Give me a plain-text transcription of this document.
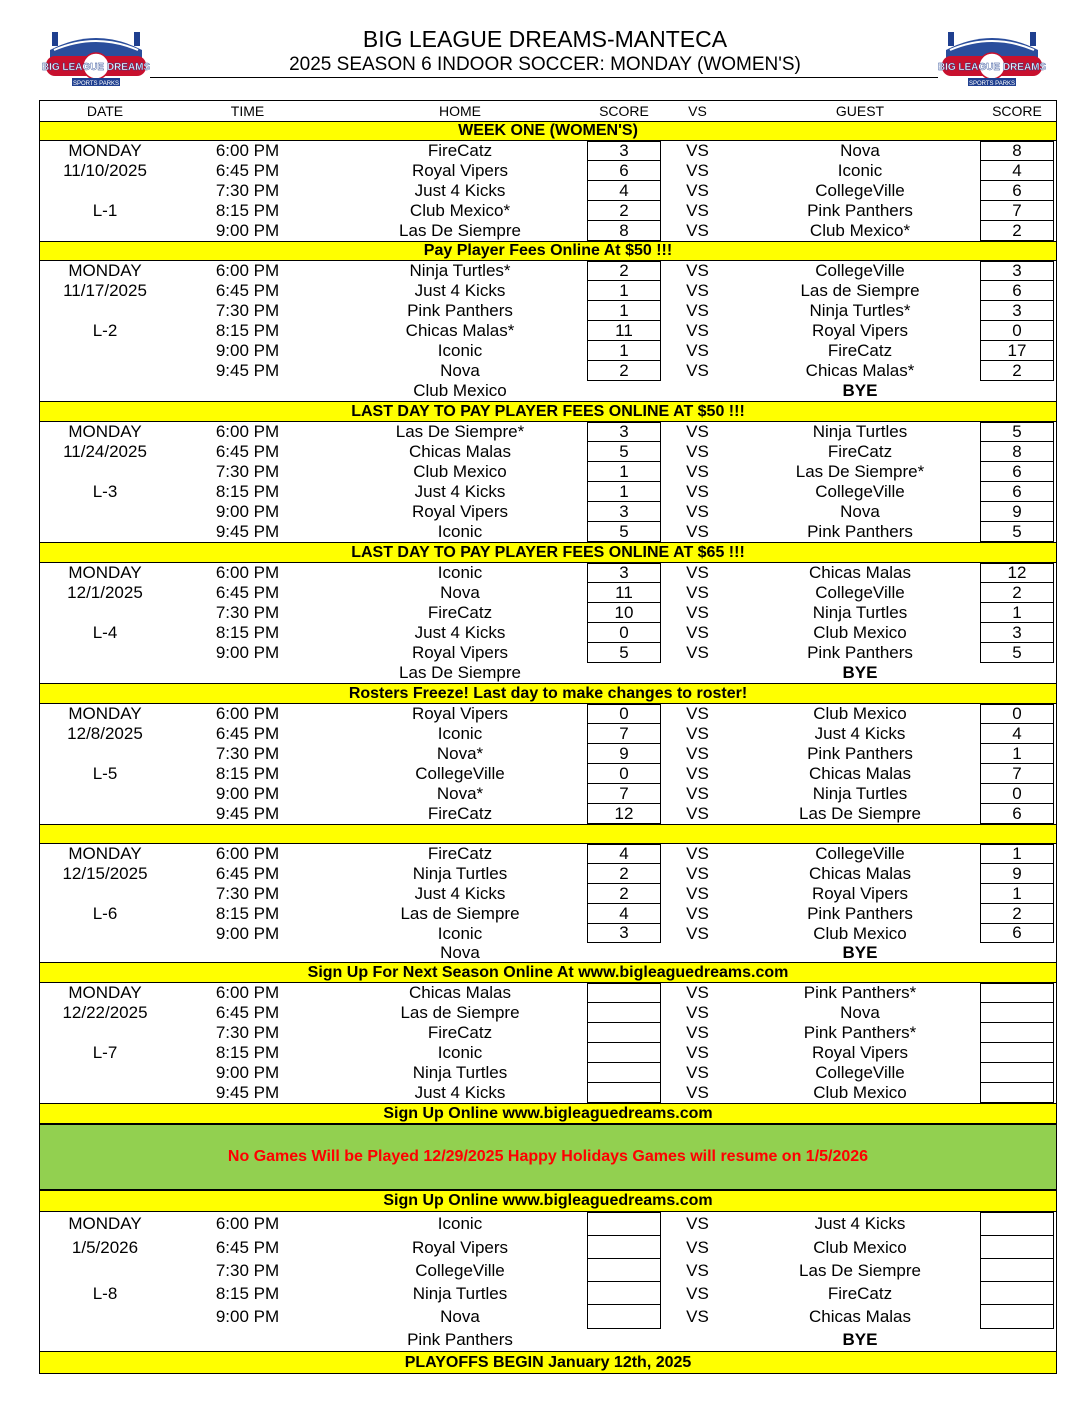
BIG LEAGUE DREAMS
SPORTS PARKS
BIG LEAGUE DREAMS-MANTECA
2025 SEASON 6 INDOOR SOCCER: MONDAY (WOMEN'S)	BIG LEAGUE DREAMS
SPORTS PARKS
DATE	TIME	HOME	SCORE	VS	GUEST	SCORE
WEEK ONE (WOMEN'S)
MONDAY	6:00 PM	FireCatz	3	VS	Nova	8
11/10/2025	6:45 PM	Royal Vipers	6	VS	Iconic	4
7:30 PM	Just 4 Kicks	4	VS	CollegeVille	6
L-1	8:15 PM	Club Mexico*	2	VS	Pink Panthers	7
9:00 PM	Las De Siempre	8	VS	Club Mexico*	2
Pay Player Fees Online At $50 !!!
MONDAY	6:00 PM	Ninja Turtles*	2	VS	CollegeVille	3
11/17/2025	6:45 PM	Just 4 Kicks	1	VS	Las de Siempre	6
7:30 PM	Pink Panthers	1	VS	Ninja Turtles*	3
L-2	8:15 PM	Chicas Malas*	11	VS	Royal Vipers	0
9:00 PM	Iconic	1	VS	FireCatz	17
9:45 PM	Nova	2	VS	Chicas Malas*	2
Club Mexico	BYE
LAST DAY TO PAY PLAYER FEES ONLINE AT $50 !!!
MONDAY	6:00 PM	Las De Siempre*	3	VS	Ninja Turtles	5
11/24/2025	6:45 PM	Chicas Malas	5	VS	FireCatz	8
7:30 PM	Club Mexico	1	VS	Las De Siempre*	6
L-3	8:15 PM	Just 4 Kicks	1	VS	CollegeVille	6
9:00 PM	Royal Vipers	3	VS	Nova	9
9:45 PM	Iconic	5	VS	Pink Panthers	5
LAST DAY TO PAY PLAYER FEES ONLINE AT $65 !!!
MONDAY	6:00 PM	Iconic	3	VS	Chicas Malas	12
12/1/2025	6:45 PM	Nova	11	VS	CollegeVille	2
7:30 PM	FireCatz	10	VS	Ninja Turtles	1
L-4	8:15 PM	Just 4 Kicks	0	VS	Club Mexico	3
9:00 PM	Royal Vipers	5	VS	Pink Panthers	5
Las De Siempre	BYE
Rosters Freeze! Last day to make changes to roster!
MONDAY	6:00 PM	Royal Vipers	0	VS	Club Mexico	0
12/8/2025	6:45 PM	Iconic	7	VS	Just 4 Kicks	4
7:30 PM	Nova*	9	VS	Pink Panthers	1
L-5	8:15 PM	CollegeVille	0	VS	Chicas Malas	7
9:00 PM	Nova*	7	VS	Ninja Turtles	0
9:45 PM	FireCatz	12	VS	Las De Siempre	6
MONDAY	6:00 PM	FireCatz	4	VS	CollegeVille	1
12/15/2025	6:45 PM	Ninja Turtles	2	VS	Chicas Malas	9
7:30 PM	Just 4 Kicks	2	VS	Royal Vipers	1
L-6	8:15 PM	Las de Siempre	4	VS	Pink Panthers	2
9:00 PM	Iconic	3	VS	Club Mexico	6
Nova	BYE
Sign Up For Next Season Online At www.bigleaguedreams.com
MONDAY	6:00 PM	Chicas Malas	VS	Pink Panthers*
12/22/2025	6:45 PM	Las de Siempre	VS	Nova
7:30 PM	FireCatz	VS	Pink Panthers*
L-7	8:15 PM	Iconic	VS	Royal Vipers
9:00 PM	Ninja Turtles	VS	CollegeVille
9:45 PM	Just 4 Kicks	VS	Club Mexico
Sign Up Online www.bigleaguedreams.com
No Games Will be Played 12/29/2025 Happy Holidays Games will resume on 1/5/2026
Sign Up Online www.bigleaguedreams.com
MONDAY	6:00 PM	Iconic	VS	Just 4 Kicks
1/5/2026	6:45 PM	Royal Vipers	VS	Club Mexico
7:30 PM	CollegeVille	VS	Las De Siempre
L-8	8:15 PM	Ninja Turtles	VS	FireCatz
9:00 PM	Nova	VS	Chicas Malas
Pink Panthers	BYE
PLAYOFFS BEGIN January 12th, 2025
